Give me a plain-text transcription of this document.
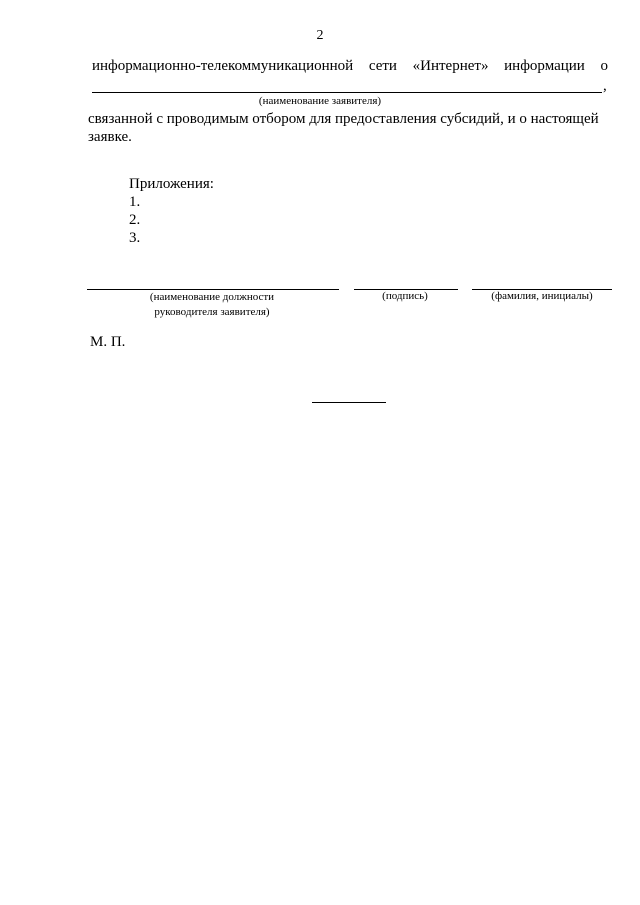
2
информационно-телекоммуникационной сети «Интернет» информации о
,
(наименование заявителя)
связанной с проводимым отбором для предоставления субсидий, и о настоящей заявке.
Приложения:
1.
2.
3.
(наименование должности
руководителя заявителя)
(подпись)	(фамилия, инициалы)
М. П.
